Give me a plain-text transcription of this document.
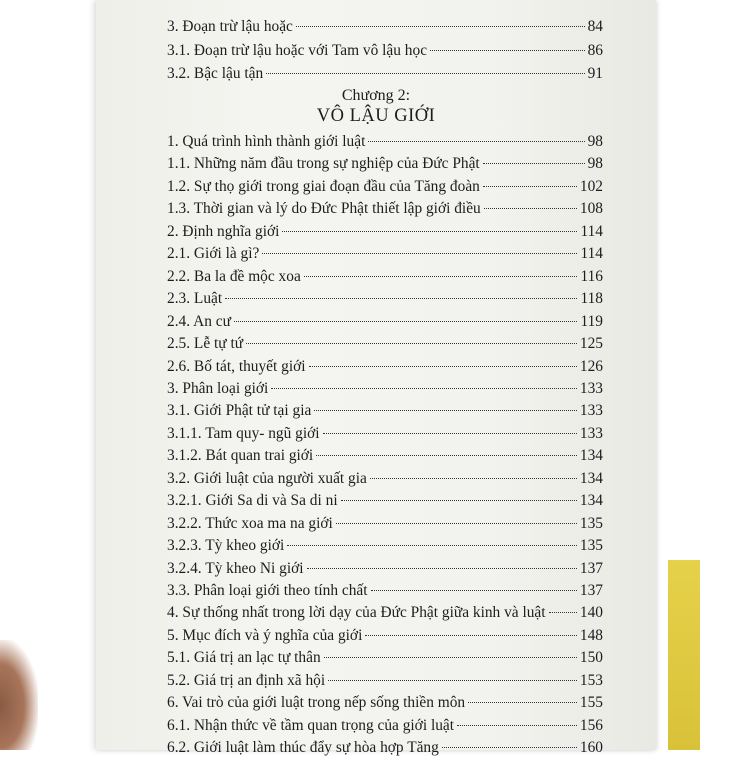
Chương 2:
VÔ LẬU GIỚI
3. Đoạn trừ lậu hoặc	84
3.1. Đoạn trừ lậu hoặc với Tam vô lậu học	86
3.2. Bậc lậu tận	91
1. Quá trình hình thành giới luật	98
1.1. Những năm đầu trong sự nghiệp của Đức Phật	98
1.2. Sự thọ giới trong giai đoạn đầu của Tăng đoàn	102
1.3. Thời gian và lý do Đức Phật thiết lập giới điều	108
2. Định nghĩa giới	114
2.1. Giới là gì?	114
2.2. Ba la đề mộc xoa	116
2.3. Luật	118
2.4. An cư	119
2.5. Lễ tự tứ	125
2.6. Bố tát, thuyết giới	126
3. Phân loại giới	133
3.1. Giới Phật tử tại gia	133
3.1.1. Tam quy- ngũ giới	133
3.1.2. Bát quan trai giới	134
3.2. Giới luật của người xuất gia	134
3.2.1. Giới Sa di và Sa di ni	134
3.2.2. Thức xoa ma na giới	135
3.2.3. Tỳ kheo giới	135
3.2.4. Tỳ kheo Ni giới	137
3.3. Phân loại giới theo tính chất	137
4. Sự thống nhất trong lời dạy của Đức Phật giữa kinh và luật 140
5. Mục đích và ý nghĩa của giới	148
5.1. Giá trị an lạc tự thân	150
5.2. Giá trị an định xã hội	153
6. Vai trò của giới luật trong nếp sống thiền môn	155
6.1. Nhận thức về tầm quan trọng của giới luật	156
6.2. Giới luật làm thúc đẩy sự hòa hợp Tăng	160
